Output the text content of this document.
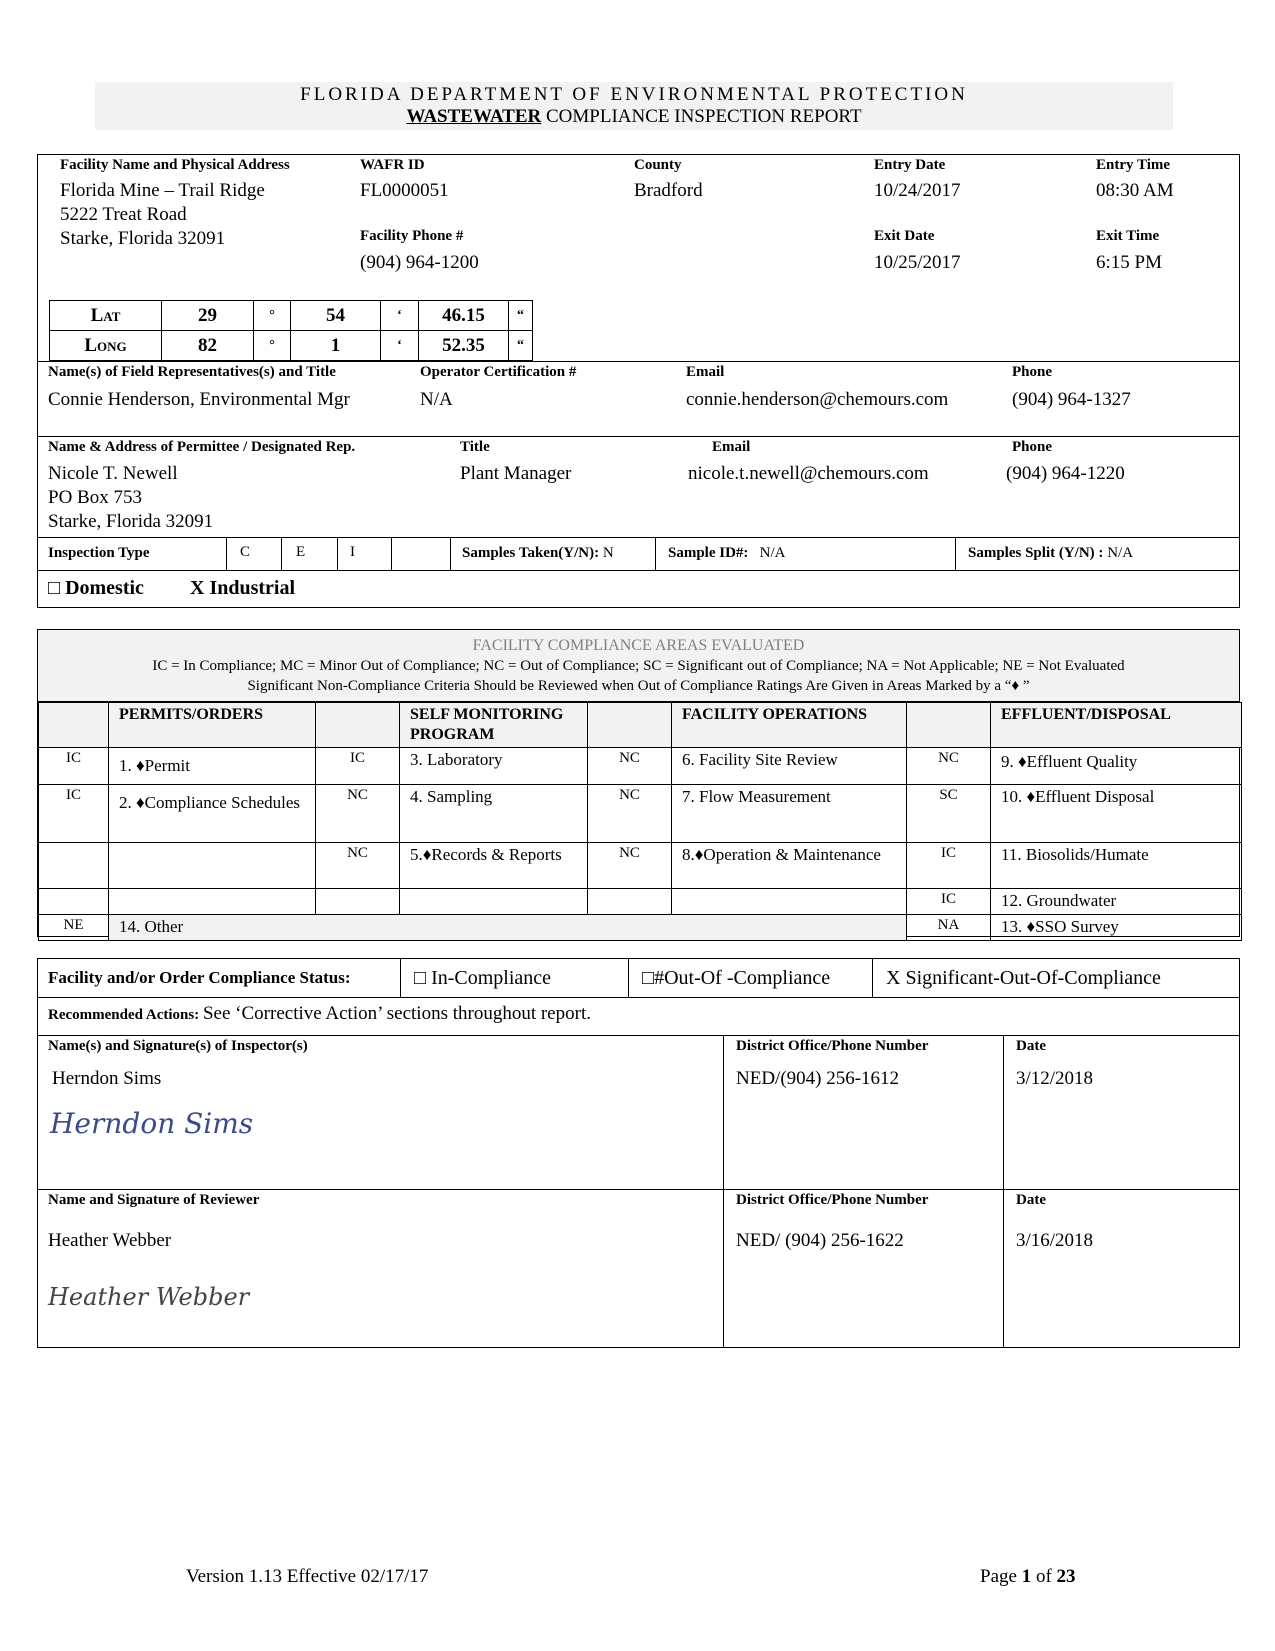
FLORIDA DEPARTMENT OF ENVIRONMENTAL PROTECTION
WASTEWATER COMPLIANCE INSPECTION REPORT
Facility Name and Physical Address
Florida Mine – Trail Ridge
5222 Treat Road
Starke, Florida 32091
WAFR ID
FL0000051
Facility Phone #
(904) 964-1200
County
Bradford
Entry Date
10/24/2017
Exit Date
10/25/2017
Entry Time
08:30 AM
Exit Time
6:15 PM
Lat	29	°	54	‘	46.15	“
Long	82	°	1	‘	52.35	“
Name(s) of Field Representatives(s) and Title
Connie Henderson, Environmental Mgr
Operator Certification #
N/A
Email
connie.henderson@chemours.com
Phone
(904) 964-1327
Name & Address of Permittee / Designated Rep.
Nicole T. Newell
PO Box 753
Starke, Florida 32091
Title
Plant Manager
Email
nicole.t.newell@chemours.com
Phone
(904) 964-1220
Inspection Type	C	E	I	Samples Taken(Y/N): N	Sample ID#: N/A	Samples Split (Y/N) : N/A
□ Domestic X Industrial
FACILITY COMPLIANCE AREAS EVALUATED
IC = In Compliance; MC = Minor Out of Compliance; NC = Out of Compliance; SC = Significant out of Compliance; NA = Not Applicable; NE = Not Evaluated
Significant Non-Compliance Criteria Should be Reviewed when Out of Compliance Ratings Are Given in Areas Marked by a “♦ ”
	PERMITS/ORDERS		SELF MONITORING PROGRAM		FACILITY OPERATIONS		EFFLUENT/DISPOSAL
IC	1. ♦Permit	IC	3. Laboratory	NC	6. Facility Site Review	NC	9. ♦Effluent Quality

IC	2. ♦Compliance Schedules	NC	4. Sampling	NC	7. Flow Measurement	SC	10. ♦Effluent Disposal
		NC	5.♦Records & Reports	NC	8.♦Operation & Maintenance	IC	11. Biosolids/Humate
						IC	12. Groundwater
NE	14. Other					NA	13. ♦SSO Survey
Facility and/or Order Compliance Status:	□ In-Compliance	□#Out-Of -Compliance	X Significant-Out-Of-Compliance
Recommended Actions: See ‘Corrective Action’ sections throughout report.
Name(s) and Signature(s) of Inspector(s)
Herndon Sims
Herndon Sims
District Office/Phone Number
NED/(904) 256-1612
Date
3/12/2018
Name and Signature of Reviewer
Heather Webber
Heather Webber
District Office/Phone Number
NED/ (904) 256-1622
Date
3/16/2018
Version 1.13 Effective 02/17/17	Page 1 of 23
